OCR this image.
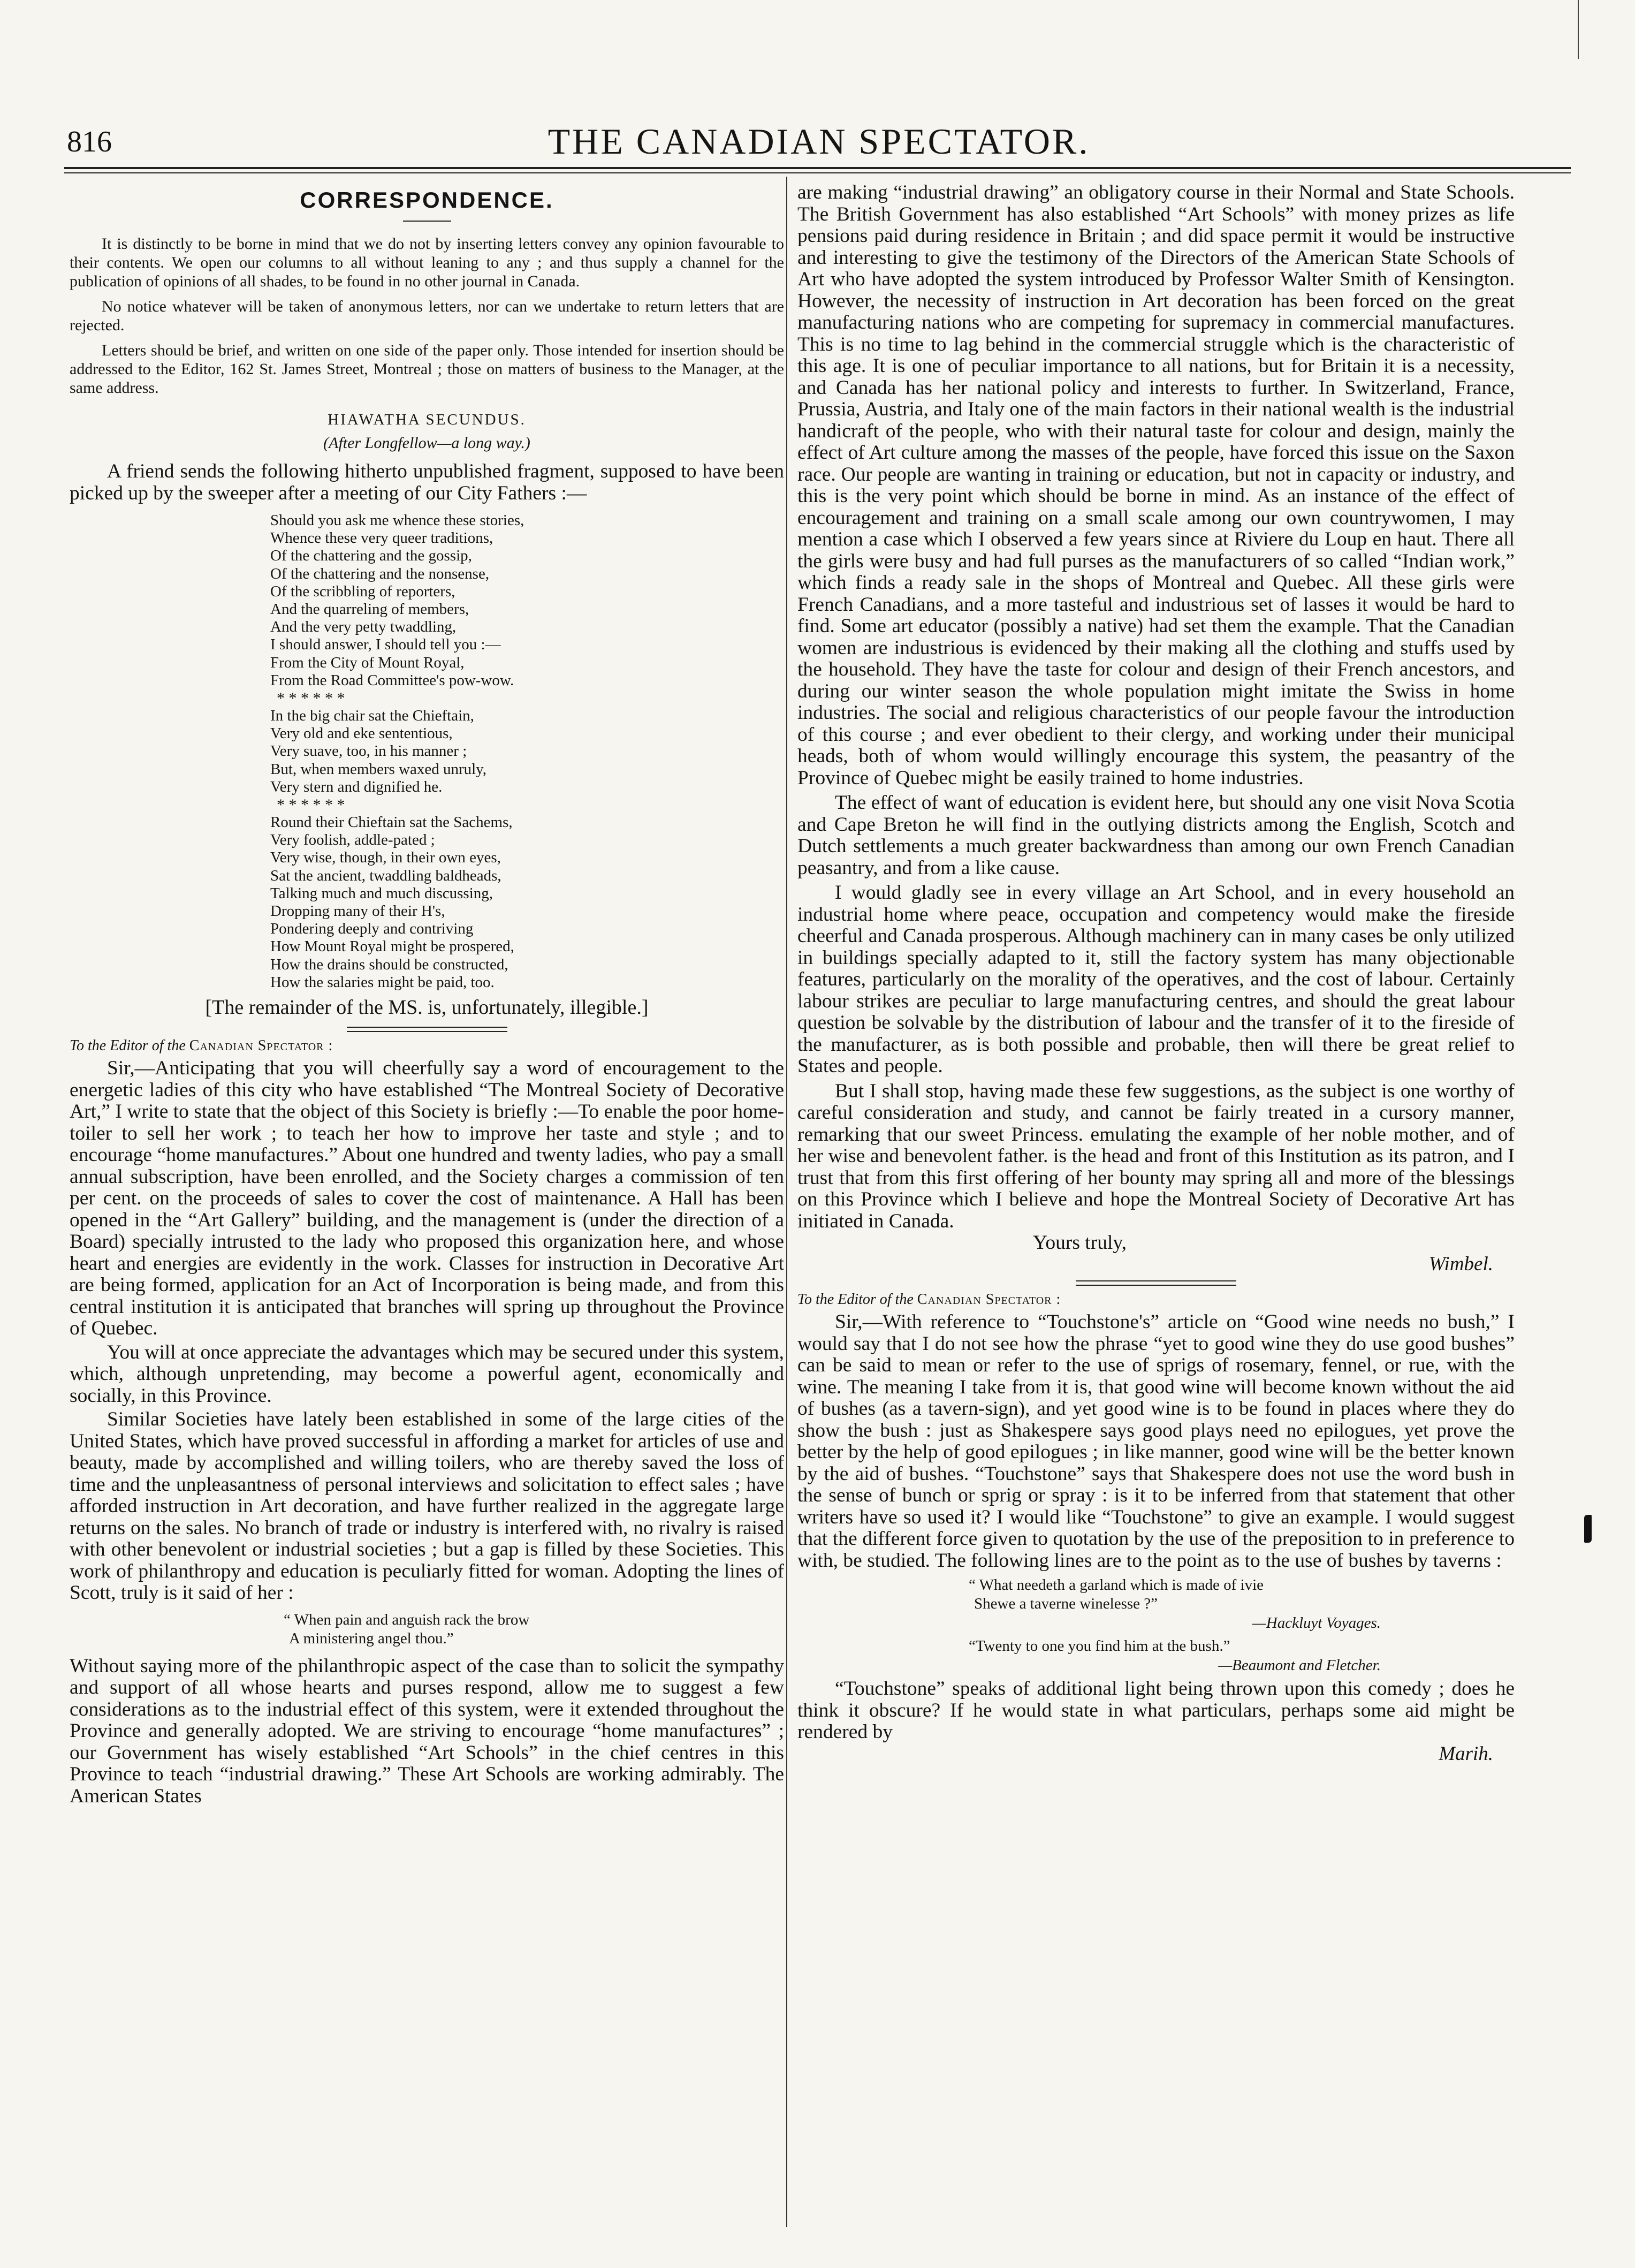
816	THE CANADIAN SPECTATOR.
CORRESPONDENCE.

It is distinctly to be borne in mind that we do not by inserting letters convey any opinion favourable to their contents. We open our columns to all without leaning to any ; and thus supply a channel for the publication of opinions of all shades, to be found in no other journal in Canada.

No notice whatever will be taken of anonymous letters, nor can we undertake to return letters that are rejected.

Letters should be brief, and written on one side of the paper only. Those intended for insertion should be addressed to the Editor, 162 St. James Street, Montreal ; those on matters of business to the Manager, at the same address.

HIAWATHA SECUNDUS.
(After Longfellow—a long way.)

A friend sends the following hitherto unpublished fragment, supposed to have been picked up by the sweeper after a meeting of our City Fathers :—

Should you ask me whence these stories,
Whence these very queer traditions,
Of the chattering and the gossip,
Of the chattering and the nonsense,
Of the scribbling of reporters,
And the quarreling of members,
And the very petty twaddling,
I should answer, I should tell you :—
From the City of Mount Royal,
From the Road Committee's pow-wow.
* * * * * *
In the big chair sat the Chieftain,
Very old and eke sententious,
Very suave, too, in his manner ;
But, when members waxed unruly,
Very stern and dignified he.
* * * * * *
Round their Chieftain sat the Sachems,
Very foolish, addle-pated ;
Very wise, though, in their own eyes,
Sat the ancient, twaddling baldheads,
Talking much and much discussing,
Dropping many of their H's,
Pondering deeply and contriving
How Mount Royal might be prospered,
How the drains should be constructed,
How the salaries might be paid, too.
[The remainder of the MS. is, unfortunately, illegible.]
To the Editor of the Canadian Spectator :

Sir,—Anticipating that you will cheerfully say a word of encouragement to the energetic ladies of this city who have established “The Montreal Society of Decorative Art,” I write to state that the object of this Society is briefly :—To enable the poor home-toiler to sell her work ; to teach her how to improve her taste and style ; and to encourage “home manufactures.” About one hundred and twenty ladies, who pay a small annual subscription, have been enrolled, and the Society charges a commission of ten per cent. on the proceeds of sales to cover the cost of maintenance. A Hall has been opened in the “Art Gallery” building, and the management is (under the direction of a Board) specially intrusted to the lady who proposed this organization here, and whose heart and energies are evidently in the work. Classes for instruction in Decorative Art are being formed, application for an Act of Incorporation is being made, and from this central institution it is anticipated that branches will spring up throughout the Province of Quebec.

You will at once appreciate the advantages which may be secured under this system, which, although unpretending, may become a powerful agent, economically and socially, in this Province.

Similar Societies have lately been established in some of the large cities of the United States, which have proved successful in affording a market for articles of use and beauty, made by accomplished and willing toilers, who are thereby saved the loss of time and the unpleasantness of personal interviews and solicitation to effect sales ; have afforded instruction in Art decoration, and have further realized in the aggregate large returns on the sales. No branch of trade or industry is interfered with, no rivalry is raised with other benevolent or industrial societies ; but a gap is filled by these Societies. This work of philanthropy and education is peculiarly fitted for woman. Adopting the lines of Scott, truly is it said of her :

“ When pain and anguish rack the brow
A ministering angel thou.”

Without saying more of the philanthropic aspect of the case than to solicit the sympathy and support of all whose hearts and purses respond, allow me to suggest a few considerations as to the industrial effect of this system, were it extended throughout the Province and generally adopted. We are striving to encourage “home manufactures” ; our Government has wisely established “Art Schools” in the chief centres in this Province to teach “industrial drawing.” These Art Schools are working admirably. The American States

are making “industrial drawing” an obligatory course in their Normal and State Schools. The British Government has also established “Art Schools” with money prizes as life pensions paid during residence in Britain ; and did space permit it would be instructive and interesting to give the testimony of the Directors of the American State Schools of Art who have adopted the system introduced by Professor Walter Smith of Kensington. However, the necessity of instruction in Art decoration has been forced on the great manufacturing nations who are competing for supremacy in commercial manufactures. This is no time to lag behind in the commercial struggle which is the characteristic of this age. It is one of peculiar importance to all nations, but for Britain it is a necessity, and Canada has her national policy and interests to further. In Switzerland, France, Prussia, Austria, and Italy one of the main factors in their national wealth is the industrial handicraft of the people, who with their natural taste for colour and design, mainly the effect of Art culture among the masses of the people, have forced this issue on the Saxon race. Our people are wanting in training or education, but not in capacity or industry, and this is the very point which should be borne in mind. As an instance of the effect of encouragement and training on a small scale among our own countrywomen, I may mention a case which I observed a few years since at Riviere du Loup en haut. There all the girls were busy and had full purses as the manufacturers of so called “Indian work,” which finds a ready sale in the shops of Montreal and Quebec. All these girls were French Canadians, and a more tasteful and industrious set of lasses it would be hard to find. Some art educator (possibly a native) had set them the example. That the Canadian women are industrious is evidenced by their making all the clothing and stuffs used by the household. They have the taste for colour and design of their French ancestors, and during our winter season the whole population might imitate the Swiss in home industries. The social and religious characteristics of our people favour the introduction of this course ; and ever obedient to their clergy, and working under their municipal heads, both of whom would willingly encourage this system, the peasantry of the Province of Quebec might be easily trained to home industries.

The effect of want of education is evident here, but should any one visit Nova Scotia and Cape Breton he will find in the outlying districts among the English, Scotch and Dutch settlements a much greater backwardness than among our own French Canadian peasantry, and from a like cause.

I would gladly see in every village an Art School, and in every household an industrial home where peace, occupation and competency would make the fireside cheerful and Canada prosperous. Although machinery can in many cases be only utilized in buildings specially adapted to it, still the factory system has many objectionable features, particularly on the morality of the operatives, and the cost of labour. Certainly labour strikes are peculiar to large manufacturing centres, and should the great labour question be solvable by the distribution of labour and the transfer of it to the fireside of the manufacturer, as is both possible and probable, then will there be great relief to States and people.

But I shall stop, having made these few suggestions, as the subject is one worthy of careful consideration and study, and cannot be fairly treated in a cursory manner, remarking that our sweet Princess. emulating the example of her noble mother, and of her wise and benevolent father. is the head and front of this Institution as its patron, and I trust that from this first offering of her bounty may spring all and more of the blessings on this Province which I believe and hope the Montreal Society of Decorative Art has initiated in Canada.

Yours truly,
Wimbel.
To the Editor of the Canadian Spectator :

Sir,—With reference to “Touchstone's” article on “Good wine needs no bush,” I would say that I do not see how the phrase “yet to good wine they do use good bushes” can be said to mean or refer to the use of sprigs of rosemary, fennel, or rue, with the wine. The meaning I take from it is, that good wine will become known without the aid of bushes (as a tavern-sign), and yet good wine is to be found in places where they do show the bush : just as Shakespere says good plays need no epilogues, yet prove the better by the help of good epilogues ; in like manner, good wine will be the better known by the aid of bushes. “Touchstone” says that Shakespere does not use the word bush in the sense of bunch or sprig or spray : is it to be inferred from that statement that other writers have so used it? I would like “Touchstone” to give an example. I would suggest that the different force given to quotation by the use of the preposition to in preference to with, be studied. The following lines are to the point as to the use of bushes by taverns :

“ What needeth a garland which is made of ivie
Shewe a taverne winelesse ?”
—Hackluyt Voyages.
“Twenty to one you find him at the bush.”
—Beaumont and Fletcher.

“Touchstone” speaks of additional light being thrown upon this comedy ; does he think it obscure? If he would state in what particulars, perhaps some aid might be rendered by

Marih.
